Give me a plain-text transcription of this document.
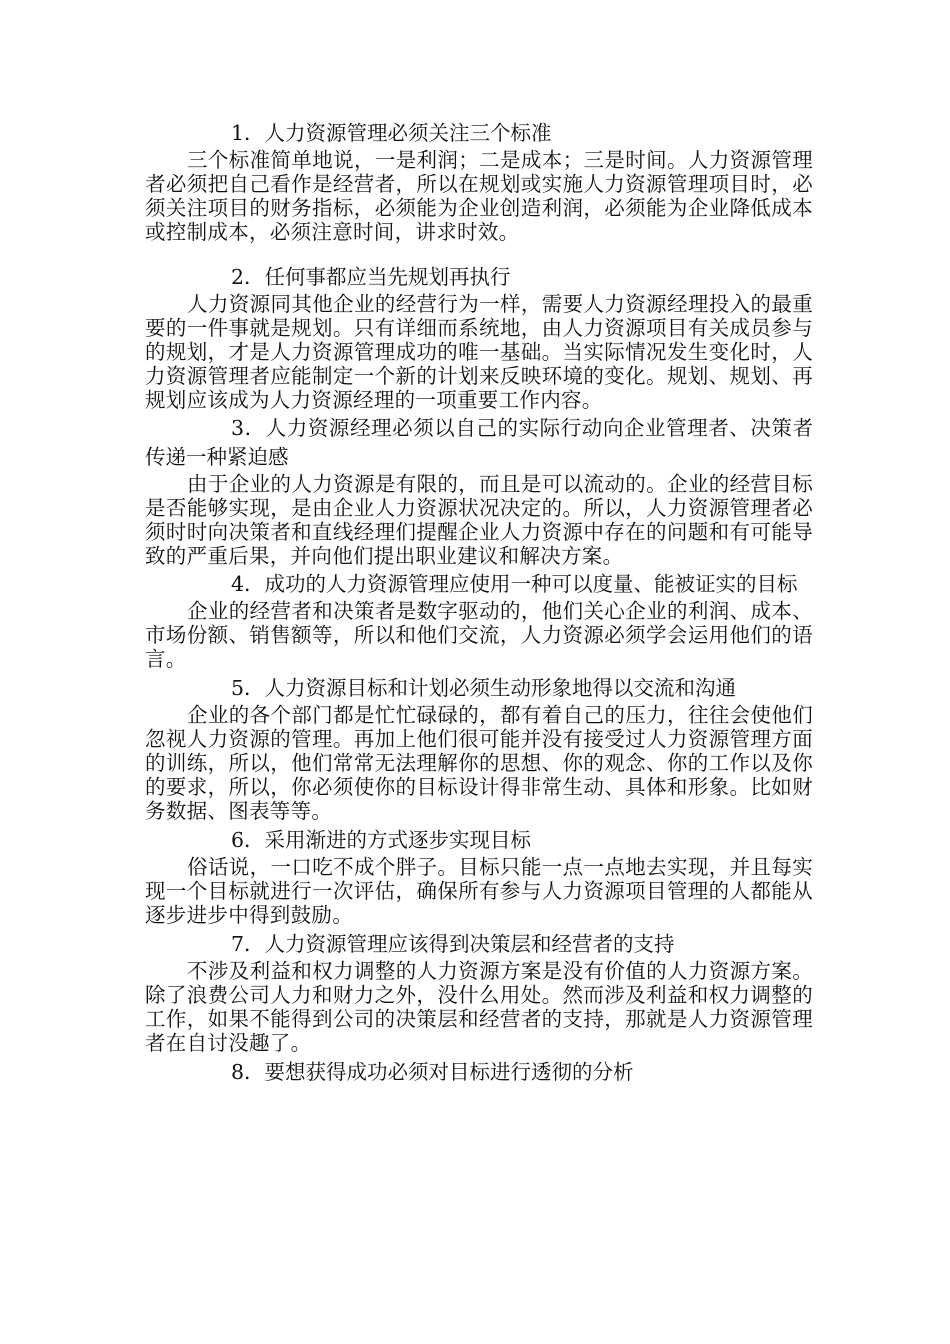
1．人力资源管理必须关注三个标准

三个标准简单地说，一是利润；二是成本；三是时间。人力资源管理者必须把自己看作是经营者，所以在规划或实施人力资源管理项目时，必须关注项目的财务指标，必须能为企业创造利润，必须能为企业降低成本或控制成本，必须注意时间，讲求时效。

2．任何事都应当先规划再执行

人力资源同其他企业的经营行为一样，需要人力资源经理投入的最重要的一件事就是规划。只有详细而系统地，由人力资源项目有关成员参与的规划，才是人力资源管理成功的唯一基础。当实际情况发生变化时，人力资源管理者应能制定一个新的计划来反映环境的变化。规划、规划、再规划应该成为人力资源经理的一项重要工作内容。

3．人力资源经理必须以自己的实际行动向企业管理者、决策者传递一种紧迫感

由于企业的人力资源是有限的，而且是可以流动的。企业的经营目标是否能够实现，是由企业人力资源状况决定的。所以，人力资源管理者必须时时向决策者和直线经理们提醒企业人力资源中存在的问题和有可能导致的严重后果，并向他们提出职业建议和解决方案。

4．成功的人力资源管理应使用一种可以度量、能被证实的目标

企业的经营者和决策者是数字驱动的，他们关心企业的利润、成本、市场份额、销售额等，所以和他们交流，人力资源必须学会运用他们的语言。

5．人力资源目标和计划必须生动形象地得以交流和沟通

企业的各个部门都是忙忙碌碌的，都有着自己的压力，往往会使他们忽视人力资源的管理。再加上他们很可能并没有接受过人力资源管理方面的训练，所以，他们常常无法理解你的思想、你的观念、你的工作以及你的要求，所以，你必须使你的目标设计得非常生动、具体和形象。比如财务数据、图表等等。

6．采用渐进的方式逐步实现目标

俗话说，一口吃不成个胖子。目标只能一点一点地去实现，并且每实现一个目标就进行一次评估，确保所有参与人力资源项目管理的人都能从逐步进步中得到鼓励。

7．人力资源管理应该得到决策层和经营者的支持

不涉及利益和权力调整的人力资源方案是没有价值的人力资源方案。除了浪费公司人力和财力之外，没什么用处。然而涉及利益和权力调整的工作，如果不能得到公司的决策层和经营者的支持，那就是人力资源管理者在自讨没趣了。

8．要想获得成功必须对目标进行透彻的分析
